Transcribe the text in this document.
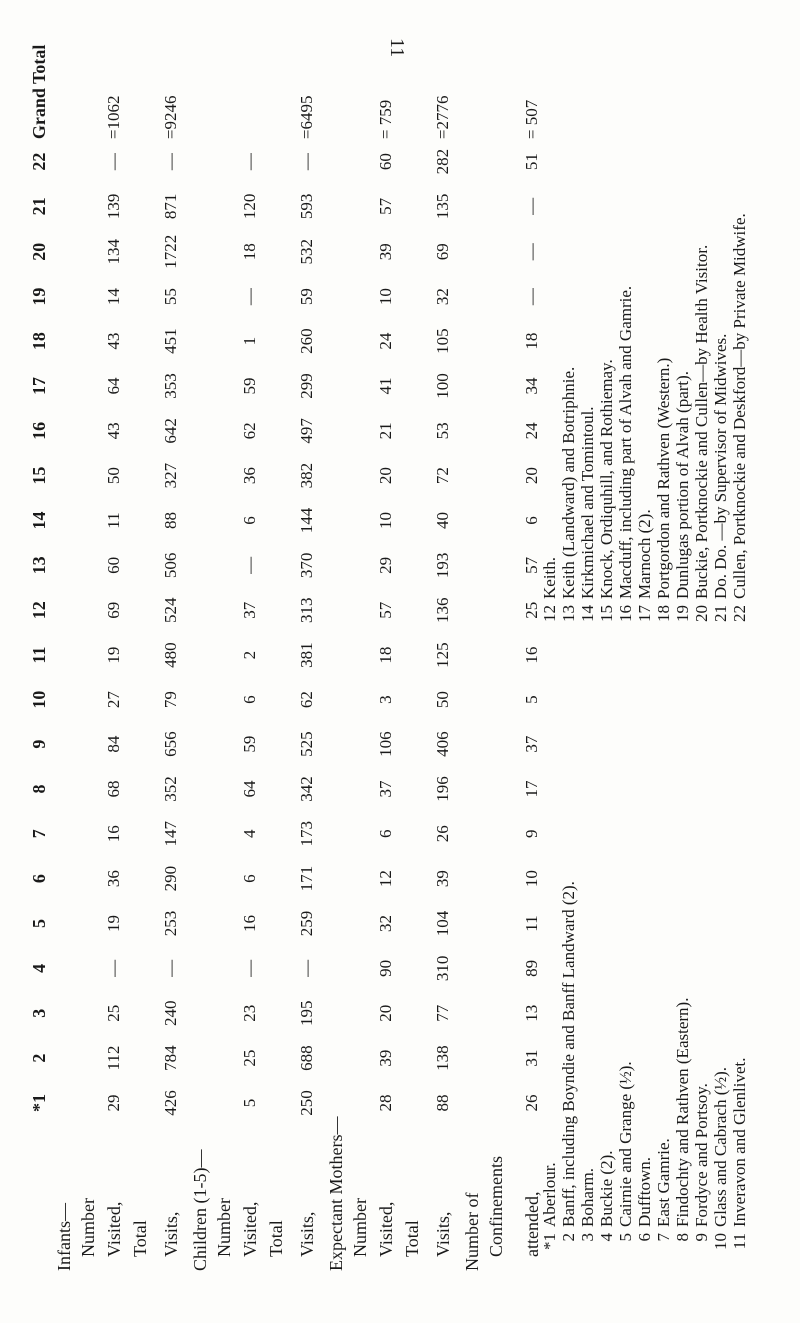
11
	*1	2	3	4	5	6	7	8	9	10	11	12	13	14	15	16	17	18	19	20	21	22	Grand Total
Infants—																							
Number																							
Visited,	29	112	25	—	19	36	16	68	84	27	19	69	60	11	50	43	64	43	14	134	139	—	=1062
Total																							
Visits,	426	784	240	—	253	290	147	352	656	79	480	524	506	88	327	642	353	451	55	1722	871	—	=9246
Children (1-5)—																							
Number																							
Visited,	5	25	23	—	16	6	4	64	59	6	2	37	—	6	36	62	59	1	—	18	120	—	
Total																							
Visits,	250	688	195	—	259	171	173	342	525	62	381	313	370	144	382	497	299	260	59	532	593	—	=6495
Expectant Mothers—																							
Number																							
Visited,	28	39	20	90	32	12	6	37	106	3	18	57	29	10	20	21	41	24	10	39	57	60	= 759
Total																							
Visits,	88	138	77	310	104	39	26	196	406	50	125	136	193	40	72	53	100	105	32	69	135	282	=2776
Number of																							
Confinements																							
attended,	26	31	13	89	11	10	9	17	37	5	16	25	57	6	20	24	34	18	—	—	—	51	= 507
*1
Aberlour.
2
Banff, including Boyndie and Banff Landward (2).
3
Boharm.
4
Buckie (2).
5
Cairnie and Grange (½).
6
Dufftown.
7
East Gamrie.
8
Findochty and Rathven (Eastern).
9
Fordyce and Portsoy.
10
Glass and Cabrach (½).
11
Inveravon and Glenlivet.
12
Keith.
13
Keith (Landward) and Botriphnie.
14
Kirkmichael and Tomintoul.
15
Knock, Ordiquhill, and Rothiemay.
16
Macduff, including part of Alvah and Gamrie.
17
Marnoch (2).
18
Portgordon and Rathven (Western.)
19
Dunlugas portion of Alvah (part).
20
Buckie, Portknockie and Cullen—by Health Visitor.
21
Do. Do. —by Supervisor of Midwives.
22
Cullen, Portknockie and Deskford—by Private Midwife.
